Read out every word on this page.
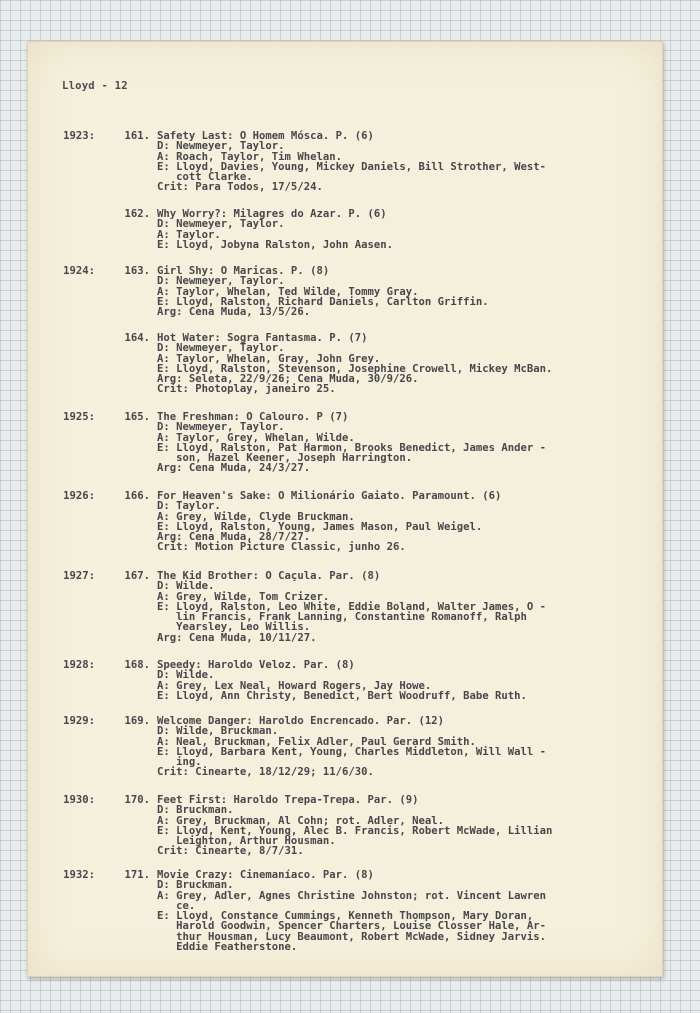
Lloyd - 12
1923:	161. Safety Last: O Homem Mósca. P. (6)
D: Newmeyer, Taylor.
A: Roach, Taylor, Tim Whelan.
E: Lloyd, Davies, Young, Mickey Daniels, Bill Strother, West-
cott Clarke.
Crit: Para Todos, 17/5/24.
162. Why Worry?: Milagres do Azar. P. (6)
D: Newmeyer, Taylor.
A: Taylor.
E: Lloyd, Jobyna Ralston, John Aasen.
1924:	163. Girl Shy: O Maricas. P. (8)
D: Newmeyer, Taylor.
A: Taylor, Whelan, Ted Wilde, Tommy Gray.
E: Lloyd, Ralston, Richard Daniels, Carlton Griffin.
Arg: Cena Muda, 13/5/26.
164. Hot Water: Sogra Fantasma. P. (7)
D: Newmeyer, Taylor.
A: Taylor, Whelan, Gray, John Grey.
E: Lloyd, Ralston, Stevenson, Josephine Crowell, Mickey McBan.
Arg: Seleta, 22/9/26; Cena Muda, 30/9/26.
Crit: Photoplay, janeiro 25.
1925:	165. The Freshman: O Calouro. P (7)
D: Newmeyer, Taylor.
A: Taylor, Grey, Whelan, Wilde.
E: Lloyd, Ralston, Pat Harmon, Brooks Benedict, James Ander -
son, Hazel Keener, Joseph Harrington.
Arg: Cena Muda, 24/3/27.
1926:	166. For Heaven's Sake: O Milionário Gaiato. Paramount. (6)
D: Taylor.
A: Grey, Wilde, Clyde Bruckman.
E: Lloyd, Ralston, Young, James Mason, Paul Weigel.
Arg: Cena Muda, 28/7/27.
Crit: Motion Picture Classic, junho 26.
1927:	167. The Kid Brother: O Caçula. Par. (8)
D: Wilde.
A: Grey, Wilde, Tom Crizer.
E: Lloyd, Ralston, Leo White, Eddie Boland, Walter James, O -
lin Francis, Frank Lanning, Constantine Romanoff, Ralph
Yearsley, Leo Willis.
Arg: Cena Muda, 10/11/27.
1928:	168. Speedy: Haroldo Veloz. Par. (8)
D: Wilde.
A: Grey, Lex Neal, Howard Rogers, Jay Howe.
E: Lloyd, Ann Christy, Benedict, Bert Woodruff, Babe Ruth.
1929:	169. Welcome Danger: Haroldo Encrencado. Par. (12)
D: Wilde, Bruckman.
A: Neal, Bruckman, Felix Adler, Paul Gerard Smith.
E: Lloyd, Barbara Kent, Young, Charles Middleton, Will Wall -
ing.
Crit: Cinearte, 18/12/29; 11/6/30.
1930:	170. Feet First: Haroldo Trepa-Trepa. Par. (9)
D: Bruckman.
A: Grey, Bruckman, Al Cohn; rot. Adler, Neal.
E: Lloyd, Kent, Young, Alec B. Francis, Robert McWade, Lillian
Leighton, Arthur Housman.
Crit: Cinearte, 8/7/31.
1932:	171. Movie Crazy: Cinemaníaco. Par. (8)
D: Bruckman.
A: Grey, Adler, Agnes Christine Johnston; rot. Vincent Lawren
ce.
E: Lloyd, Constance Cummings, Kenneth Thompson, Mary Doran,
Harold Goodwin, Spencer Charters, Louise Closser Hale, Ar-
thur Housman, Lucy Beaumont, Robert McWade, Sidney Jarvis.
Eddie Featherstone.
